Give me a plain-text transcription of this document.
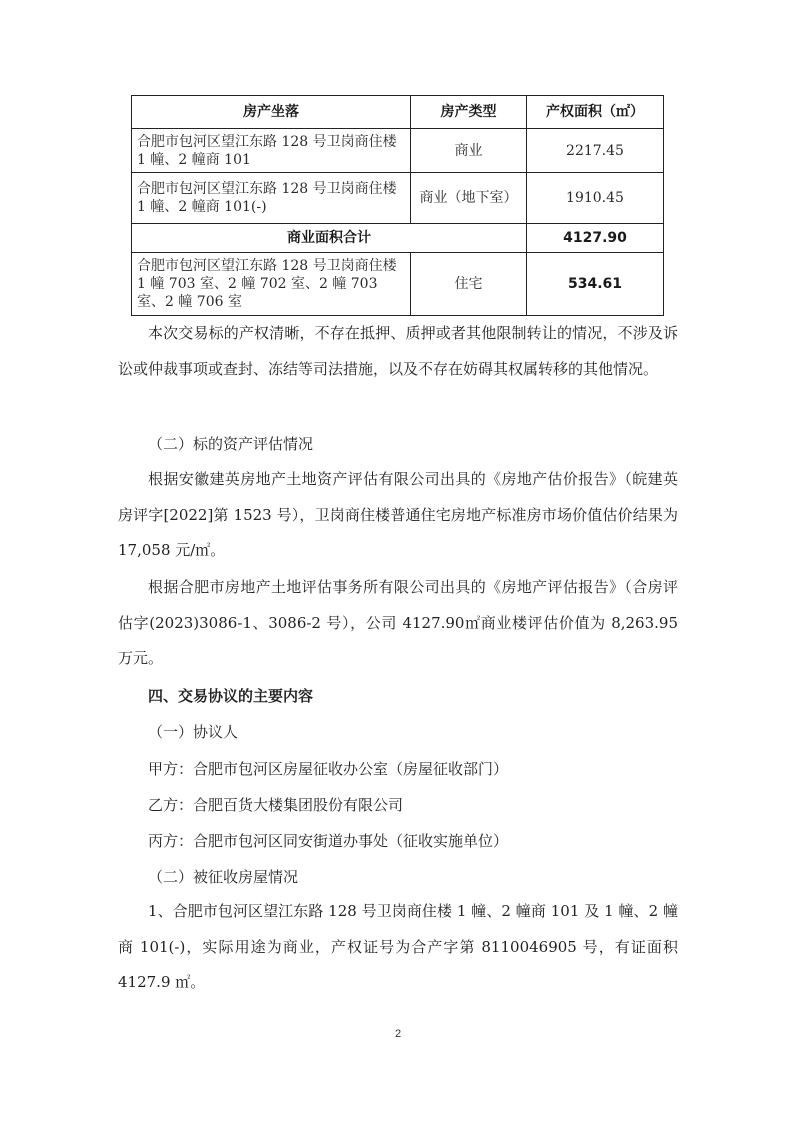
房产坐落	房产类型	产权面积（㎡）
合肥市包河区望江东路 128 号卫岗商住楼 1 幢、2 幢商 101	商业	2217.45
合肥市包河区望江东路 128 号卫岗商住楼 1 幢、2 幢商 101(-)	商业（地下室）	1910.45
商业面积合计		4127.90
合肥市包河区望江东路 128 号卫岗商住楼 1 幢 703 室、2 幢 702 室、2 幢 703 室、2 幢 706 室	住宅	534.61
本次交易标的产权清晰，不存在抵押、质押或者其他限制转让的情况，不涉及诉讼或仲裁事项或查封、冻结等司法措施，以及不存在妨碍其权属转移的其他情况。
（二）标的资产评估情况
根据安徽建英房地产土地资产评估有限公司出具的《房地产估价报告》（皖建英房评字[2022]第 1523 号），卫岗商住楼普通住宅房地产标准房市场价值估价结果为 17,058 元/㎡。
根据合肥市房地产土地评估事务所有限公司出具的《房地产评估报告》（合房评估字(2023)3086-1、3086-2 号），公司 4127.90㎡商业楼评估价值为 8,263.95 万元。
四、交易协议的主要内容
（一）协议人
甲方：合肥市包河区房屋征收办公室（房屋征收部门）
乙方：合肥百货大楼集团股份有限公司
丙方：合肥市包河区同安街道办事处（征收实施单位）
（二）被征收房屋情况
1、合肥市包河区望江东路 128 号卫岗商住楼 1 幢、2 幢商 101 及 1 幢、2 幢商 101(-)，实际用途为商业，产权证号为合产字第 8110046905 号，有证面积 4127.9 ㎡。
2
